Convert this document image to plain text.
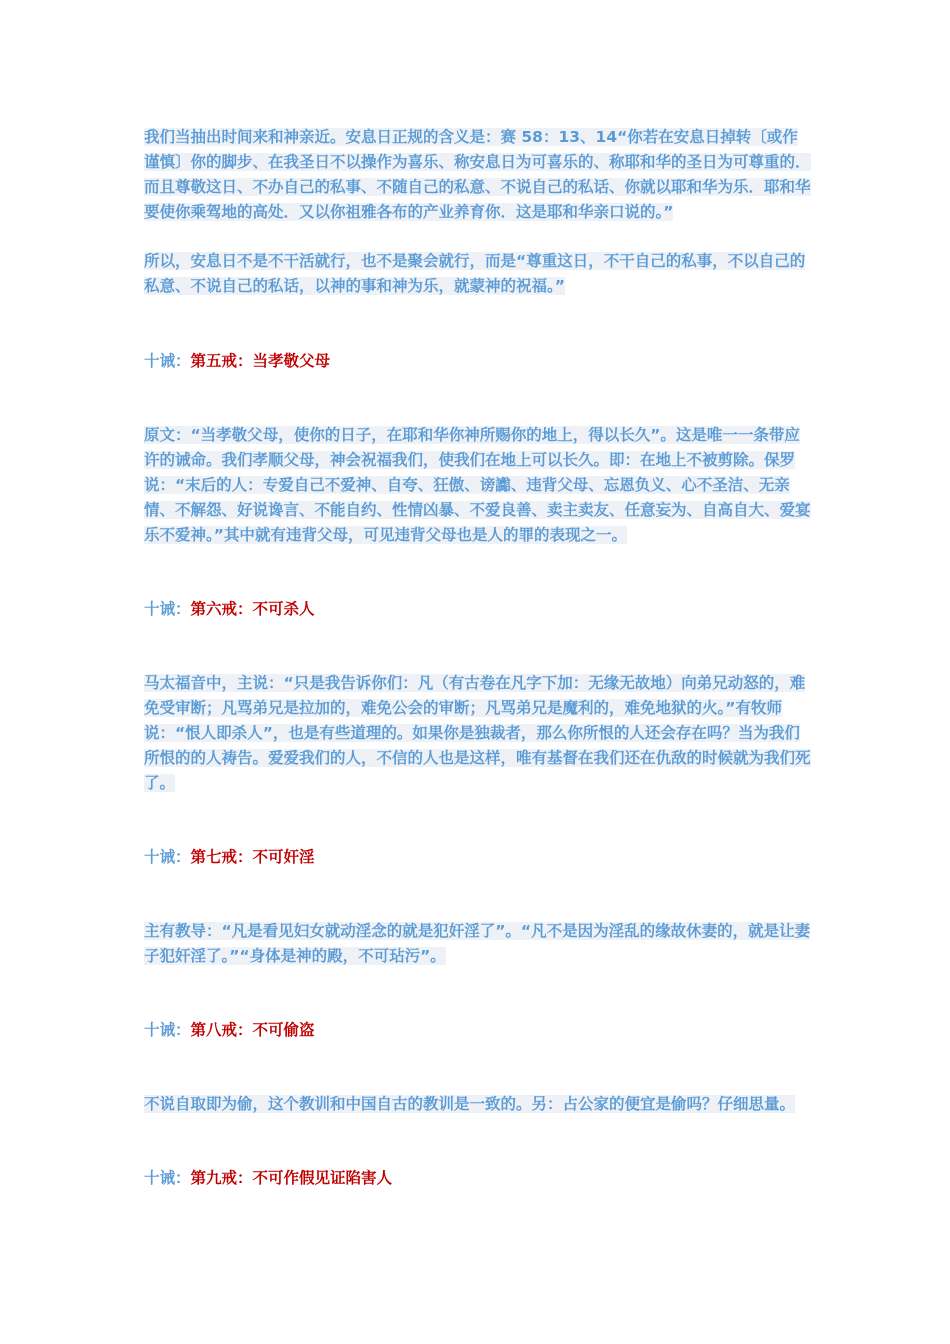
我们当抽出时间来和神亲近。安息日正规的含义是：赛 58：13、14“你若在安息日掉转〔或作谨慎〕你的脚步、在我圣日不以操作为喜乐、称安息日为可喜乐的、称耶和华的圣日为可尊重的．而且尊敬这日、不办自己的私事、不随自己的私意、不说自己的私话、你就以耶和华为乐．耶和华要使你乘驾地的高处．又以你祖雅各布的产业养育你．这是耶和华亲口说的。”
所以，安息日不是不干活就行，也不是聚会就行，而是“尊重这日，不干自己的私事，不以自己的私意、不说自己的私话，以神的事和神为乐，就蒙神的祝福。”
十诫：第五戒：当孝敬父母
原文：“当孝敬父母，使你的日子，在耶和华你神所赐你的地上，得以长久”。这是唯一一条带应许的诫命。我们孝顺父母，神会祝福我们，使我们在地上可以长久。即：在地上不被剪除。保罗说：“末后的人：专爱自己不爱神、自夸、狂傲、谤讟、违背父母、忘恩负义、心不圣洁、无亲情、不解怨、好说谗言、不能自约、性情凶暴、不爱良善、卖主卖友、任意妄为、自高自大、爱宴乐不爱神。”其中就有违背父母，可见违背父母也是人的罪的表现之一。
十诫：第六戒：不可杀人
马太福音中，主说：“只是我告诉你们：凡（有古卷在凡字下加：无缘无故地）向弟兄动怒的，难免受审断；凡骂弟兄是拉加的，难免公会的审断；凡骂弟兄是魔利的，难免地狱的火。”有牧师说：“恨人即杀人”，也是有些道理的。如果你是独裁者，那么你所恨的人还会存在吗？当为我们所恨的的人祷告。爱爱我们的人，不信的人也是这样，唯有基督在我们还在仇敌的时候就为我们死了。
十诫：第七戒：不可奸淫
主有教导：“凡是看见妇女就动淫念的就是犯奸淫了”。“凡不是因为淫乱的缘故休妻的，就是让妻子犯奸淫了。”“身体是神的殿，不可玷污”。
十诫：第八戒：不可偷盗
不说自取即为偷，这个教训和中国自古的教训是一致的。另：占公家的便宜是偷吗？仔细思量。
十诫：第九戒：不可作假见证陷害人
